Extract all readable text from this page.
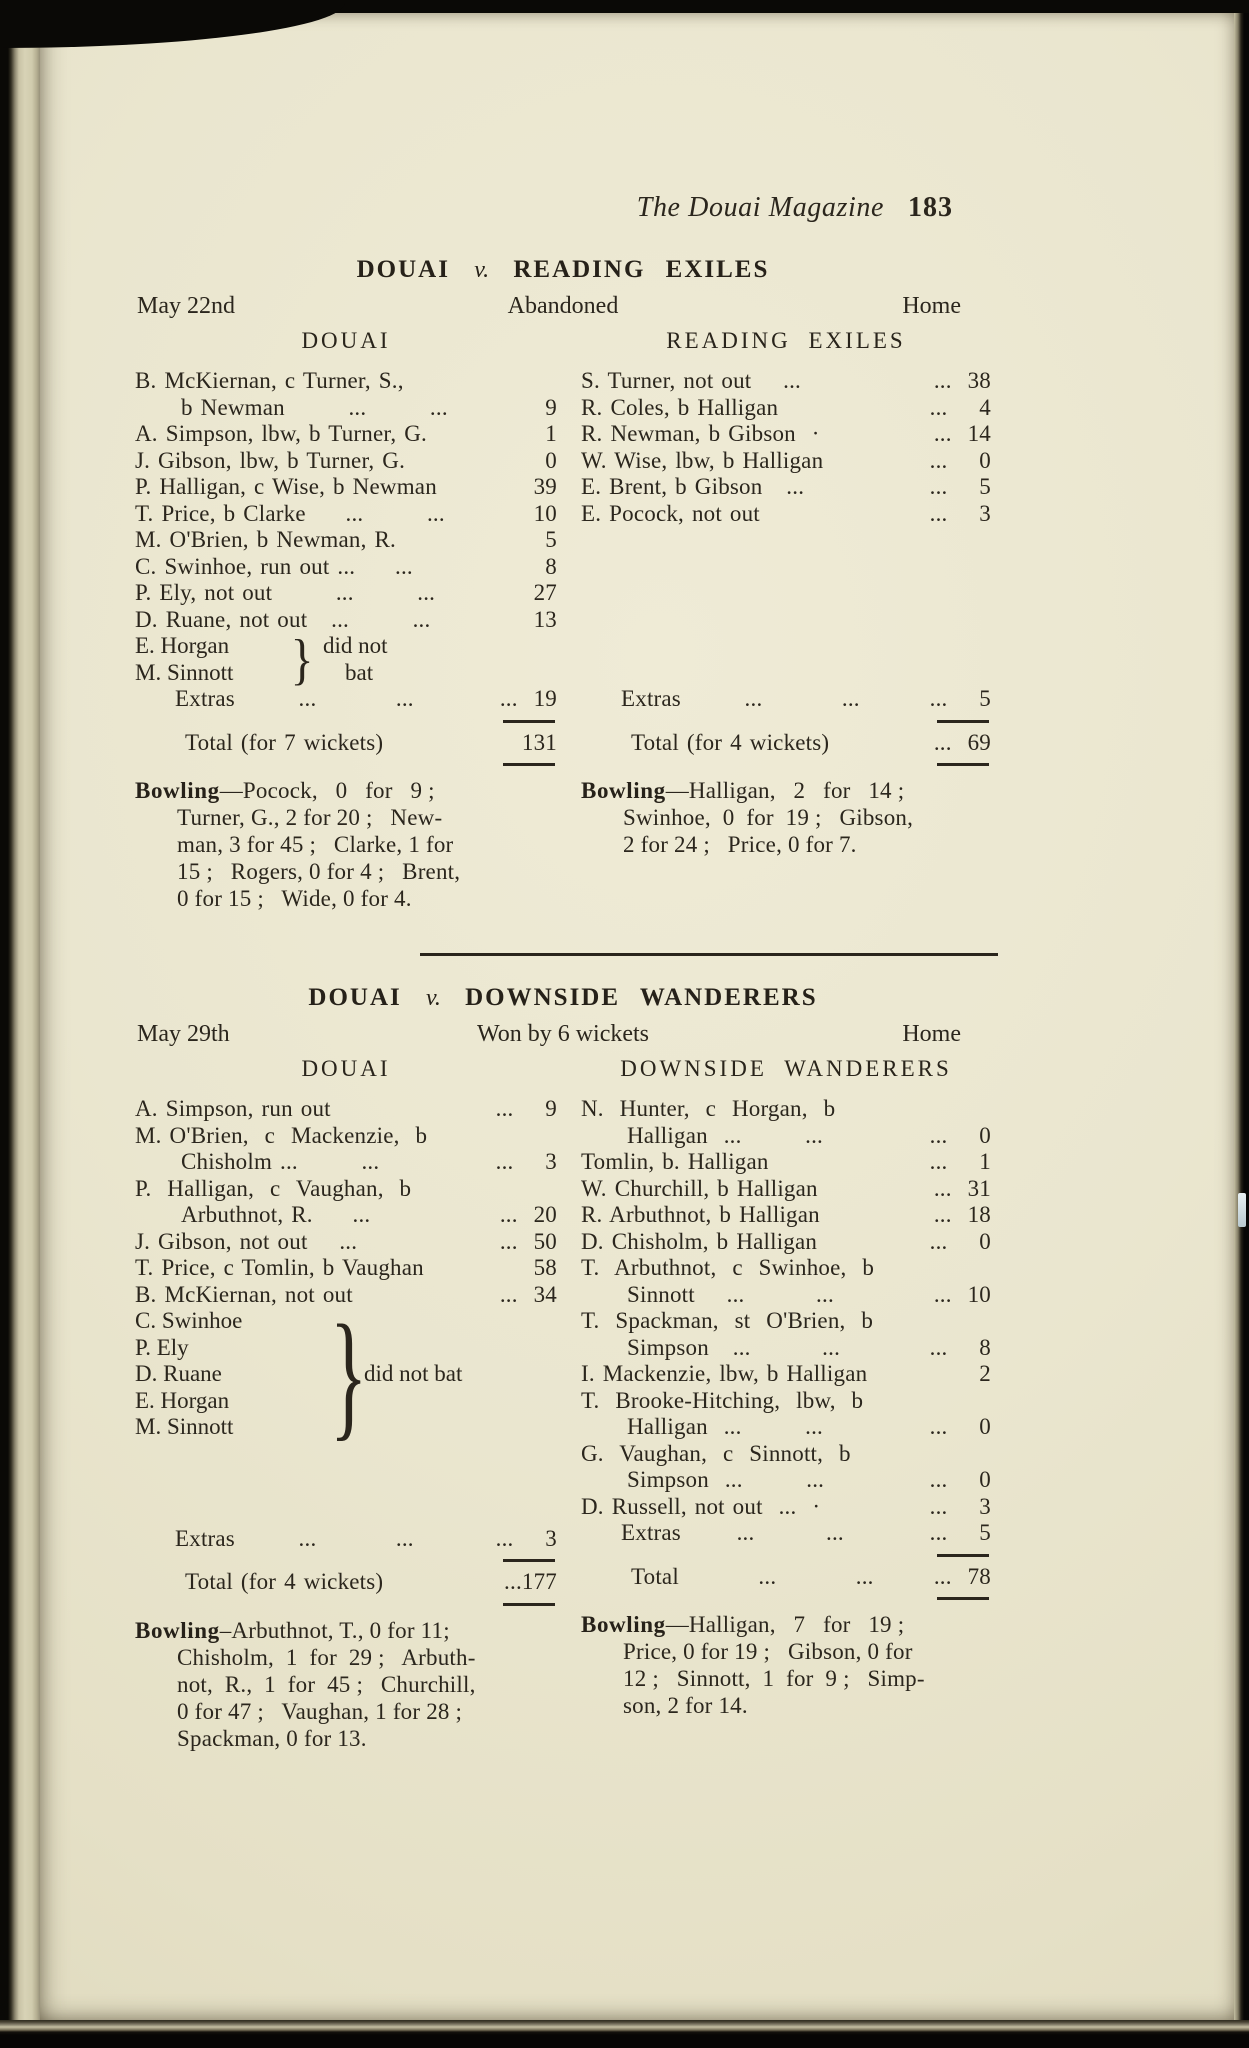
The Douai Magazine 183
DOUAI v. READING EXILES
May 22nd	Abandoned	Home
DOUAI
B. McKiernan, c Turner, S.,
b Newman        ...        ...	9
A. Simpson, lbw, b Turner, G.	1
J. Gibson, lbw, b Turner, G.	0
P. Halligan, c Wise, b Newman	39
T. Price, b Clarke     ...        ...	10
M. O'Brien, b Newman, R.	5
C. Swinhoe, run out ...     ...	8
P. Ely, not out        ...        ...	27
D. Ruane, not out   ...        ...	13
E. Horgan
M. Sinnott	} did not
bat
Extras        ...          ...	...  19
Total (for 7 wickets)	131
Bowling—Pocock,   0   for   9 ;
Turner, G., 2 for 20 ;   New-
man, 3 for 45 ;   Clarke, 1 for
15 ;   Rogers, 0 for 4 ;   Brent,
0 for 15 ;   Wide, 0 for 4.
READING EXILES
S. Turner, not out    ...	...  38
R. Coles, b Halligan	...    4
R. Newman, b Gibson  ·	...  14
W. Wise, lbw, b Halligan	...    0
E. Brent, b Gibson   ...	...    5
E. Pocock, not out	...    3
Extras        ...          ...	...    5
Total (for 4 wickets)	...  69
Bowling—Halligan,   2   for   14 ;
Swinhoe,  0  for  19 ;   Gibson,
2 for 24 ;   Price, 0 for 7.
DOUAI v. DOWNSIDE WANDERERS
May 29th	Won by 6 wickets	Home
DOUAI
A. Simpson, run out	...    9
M. O'Brien,  c  Mackenzie,  b
Chisholm ...        ...	...    3
P.  Halligan,  c  Vaughan,  b
Arbuthnot, R.     ...	...  20
J. Gibson, not out    ...	...  50
T. Price, c Tomlin, b Vaughan	58
B. McKiernan, not out	...  34
C. Swinhoe
P. Ely
D. Ruane
E. Horgan
M. Sinnott }
did not bat
Extras        ...          ...	...    3
Total (for 4 wickets)	...177
Bowling–Arbuthnot, T., 0 for 11;
Chisholm,  1  for  29 ;   Arbuth-
not,  R.,  1  for  45 ;   Churchill,
0 for 47 ;   Vaughan, 1 for 28 ;
Spackman, 0 for 13.
DOWNSIDE WANDERERS
N.  Hunter,  c  Horgan,  b
Halligan  ...        ...	...    0
Tomlin, b. Halligan	...    1
W. Churchill, b Halligan	...  31
R. Arbuthnot, b Halligan	...  18
D. Chisholm, b Halligan	...    0
T.  Arbuthnot,  c  Swinhoe,  b
Sinnott    ...         ...	...  10
T.  Spackman,  st  O'Brien,  b
Simpson   ...         ...	...    8
I. Mackenzie, lbw, b Halligan	2
T.  Brooke-Hitching,  lbw,  b
Halligan  ...        ...	...    0
G.  Vaughan,  c  Sinnott,  b
Simpson  ...        ...	...    0
D. Russell, not out  ...  ·	...    3
Extras       ...         ...	...    5
Total          ...          ...	...  78
Bowling—Halligan,   7   for   19 ;
Price, 0 for 19 ;   Gibson, 0 for
12 ;   Sinnott,  1  for  9 ;   Simp-
son, 2 for 14.
